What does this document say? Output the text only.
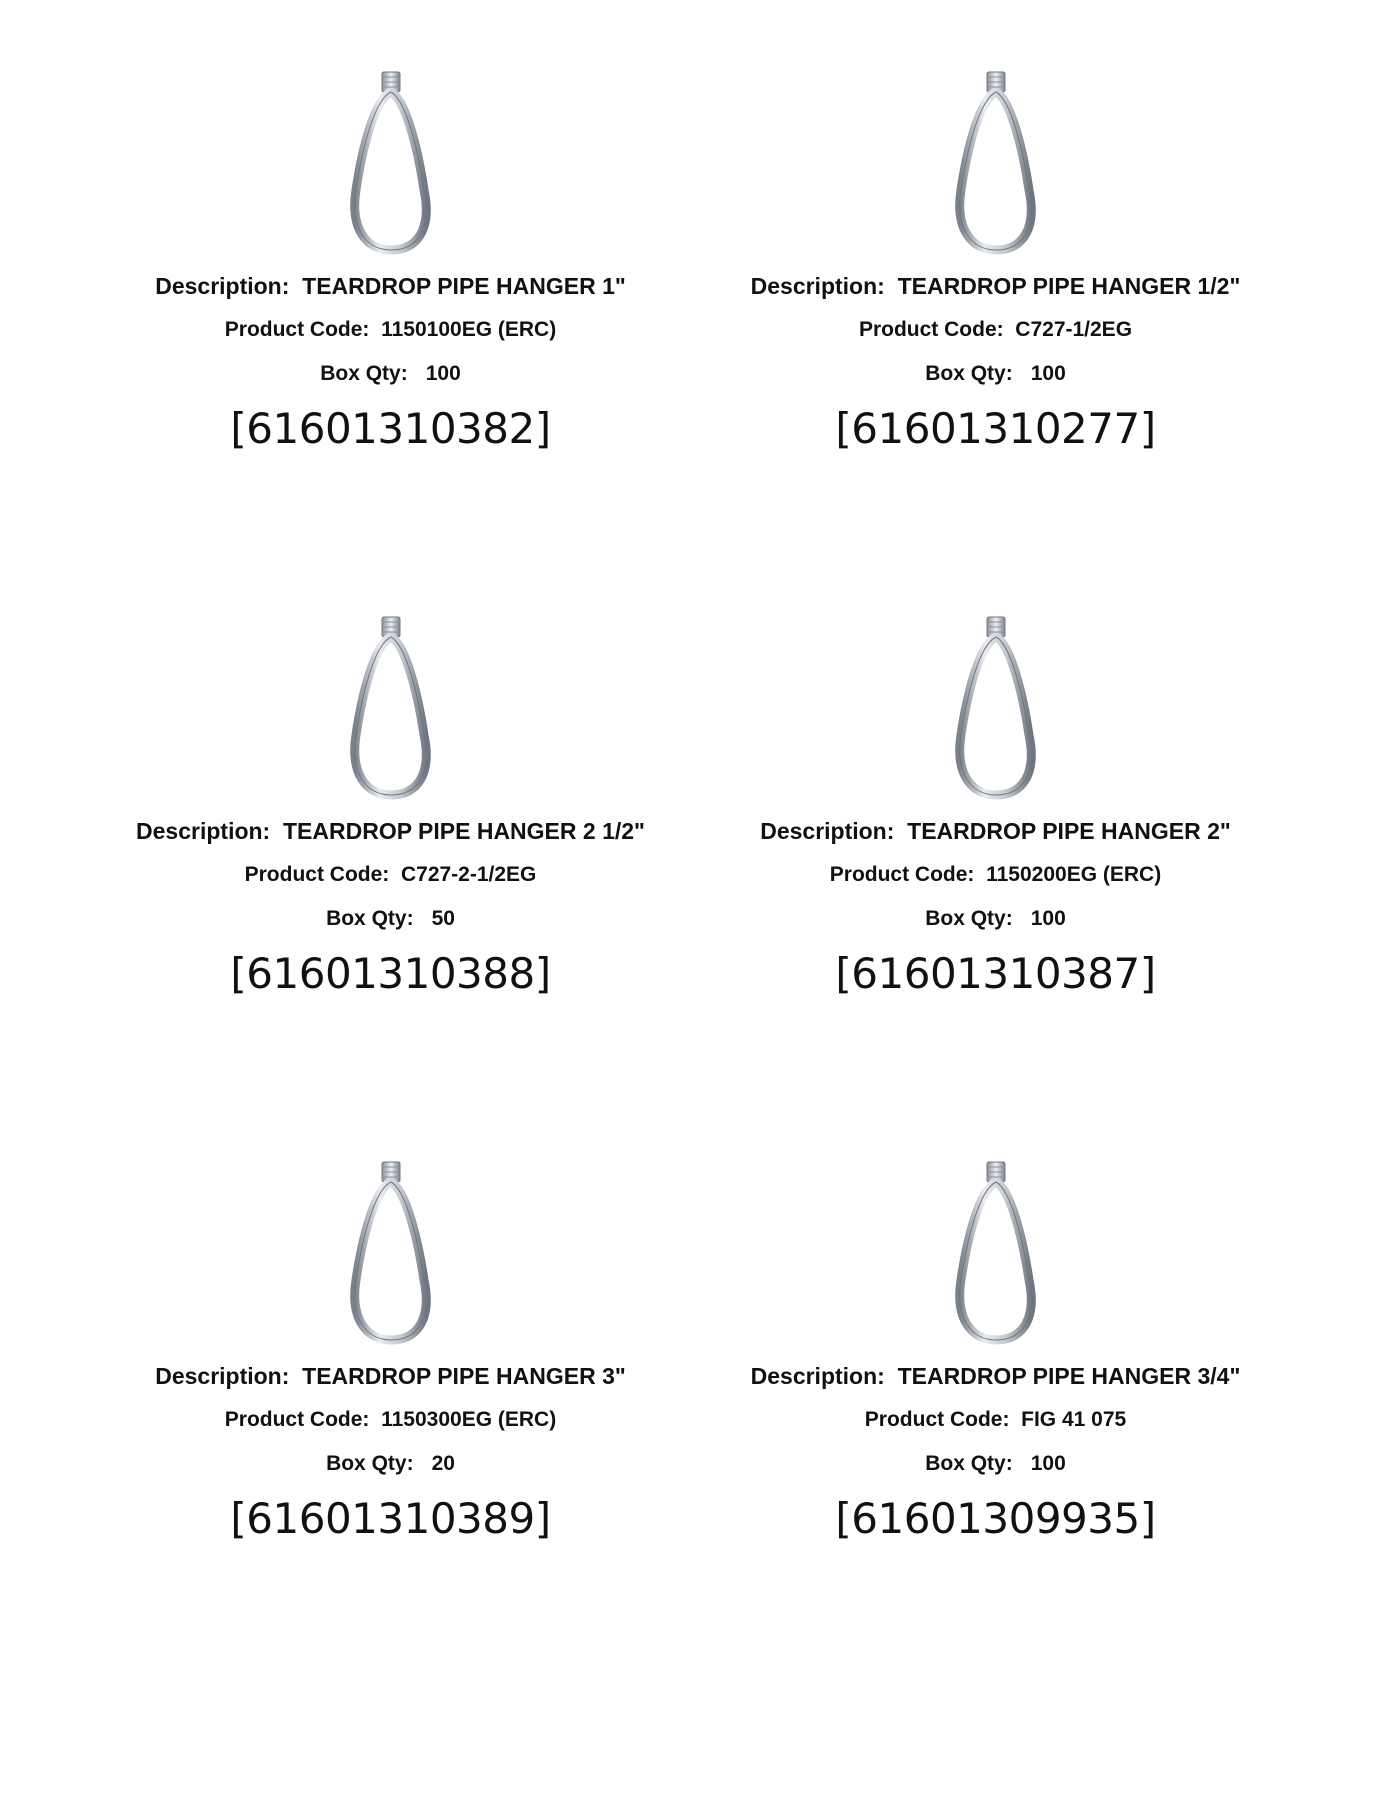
Description: TEARDROP PIPE HANGER 1"
Product Code: 1150100EG (ERC)
Box Qty: 100
[61601310382]
Description: TEARDROP PIPE HANGER 1/2"
Product Code: C727-1/2EG
Box Qty: 100
[61601310277]
Description: TEARDROP PIPE HANGER 2 1/2"
Product Code: C727-2-1/2EG
Box Qty: 50
[61601310388]
Description: TEARDROP PIPE HANGER 2"
Product Code: 1150200EG (ERC)
Box Qty: 100
[61601310387]
Description: TEARDROP PIPE HANGER 3"
Product Code: 1150300EG (ERC)
Box Qty: 20
[61601310389]
Description: TEARDROP PIPE HANGER 3/4"
Product Code: FIG 41 075
Box Qty: 100
[61601309935]
